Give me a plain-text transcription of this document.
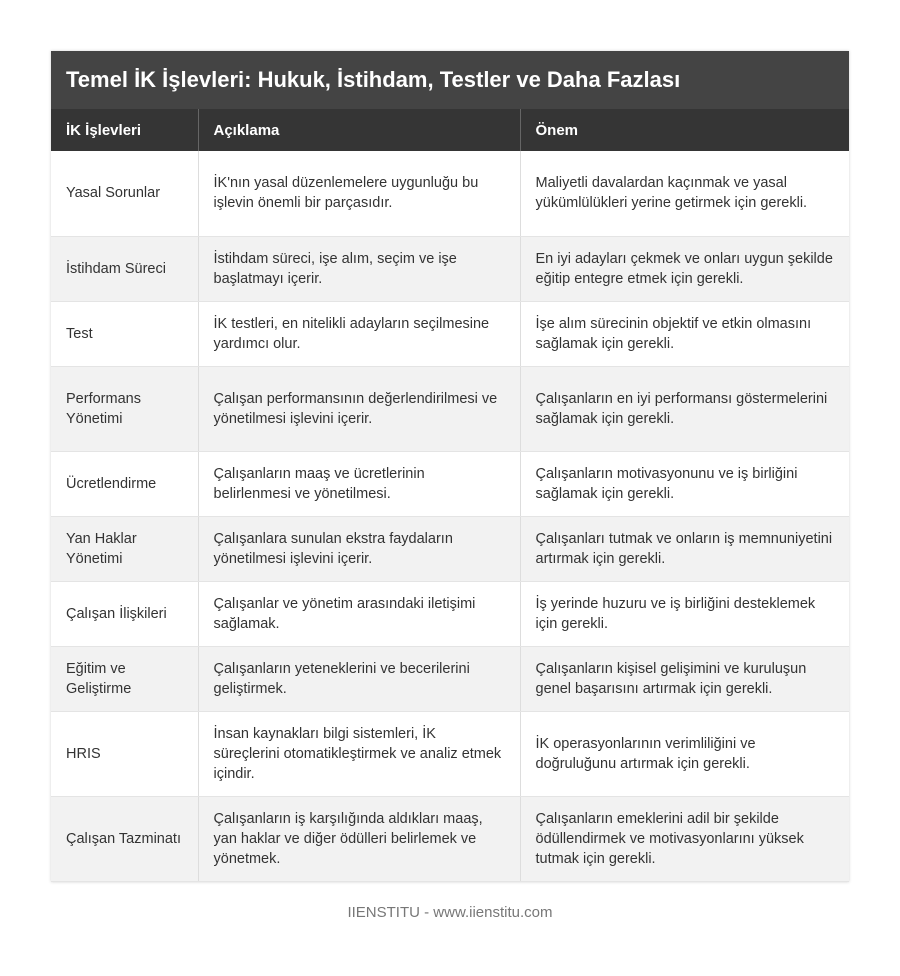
Temel İK İşlevleri: Hukuk, İstihdam, Testler ve Daha Fazlası
İK İşlevleri	Açıklama	Önem
Yasal Sorunlar	İK'nın yasal düzenlemelere uygunluğu bu işlevin önemli bir parçasıdır.	Maliyetli davalardan kaçınmak ve yasal yükümlülükleri yerine getirmek için gerekli.
İstihdam Süreci	İstihdam süreci, işe alım, seçim ve işe başlatmayı içerir.	En iyi adayları çekmek ve onları uygun şekilde eğitip entegre etmek için gerekli.
Test	İK testleri, en nitelikli adayların seçilmesine yardımcı olur.	İşe alım sürecinin objektif ve etkin olmasını sağlamak için gerekli.
Performans Yönetimi	Çalışan performansının değerlendirilmesi ve yönetilmesi işlevini içerir.	Çalışanların en iyi performansı göstermelerini sağlamak için gerekli.
Ücretlendirme	Çalışanların maaş ve ücretlerinin belirlenmesi ve yönetilmesi.	Çalışanların motivasyonunu ve iş birliğini sağlamak için gerekli.
Yan Haklar Yönetimi	Çalışanlara sunulan ekstra faydaların yönetilmesi işlevini içerir.	Çalışanları tutmak ve onların iş memnuniyetini artırmak için gerekli.
Çalışan İlişkileri	Çalışanlar ve yönetim arasındaki iletişimi sağlamak.	İş yerinde huzuru ve iş birliğini desteklemek için gerekli.
Eğitim ve Geliştirme	Çalışanların yeteneklerini ve becerilerini geliştirmek.	Çalışanların kişisel gelişimini ve kuruluşun genel başarısını artırmak için gerekli.
HRIS	İnsan kaynakları bilgi sistemleri, İK süreçlerini otomatikleştirmek ve analiz etmek içindir.	İK operasyonlarının verimliliğini ve doğruluğunu artırmak için gerekli.
Çalışan Tazminatı	Çalışanların iş karşılığında aldıkları maaş, yan haklar ve diğer ödülleri belirlemek ve yönetmek.	Çalışanların emeklerini adil bir şekilde ödüllendirmek ve motivasyonlarını yüksek tutmak için gerekli.
IIENSTITU - www.iienstitu.com
